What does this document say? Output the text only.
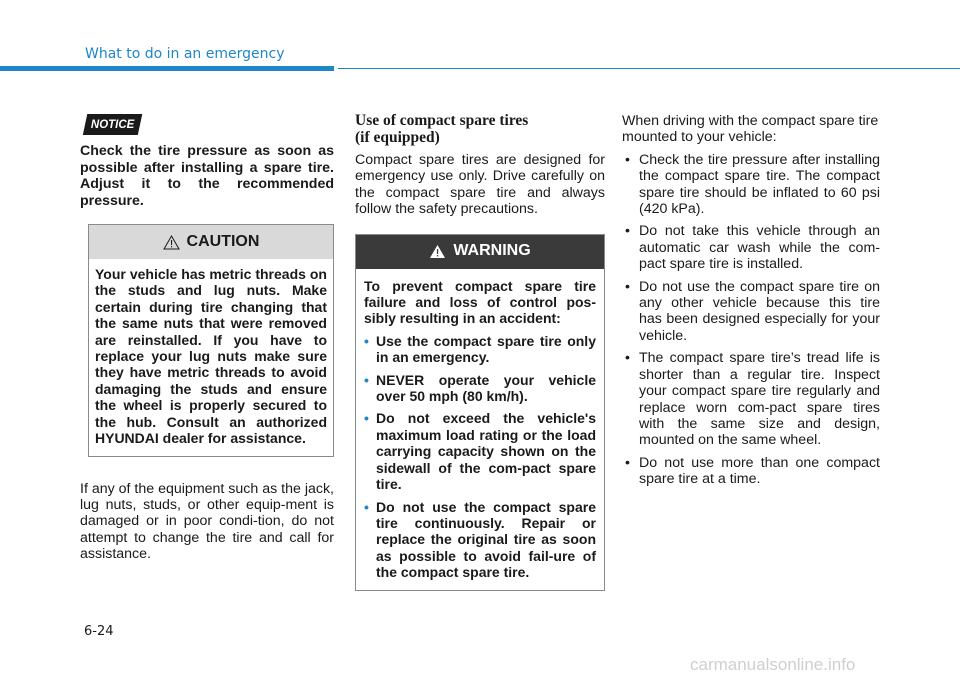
What to do in an emergency
NOTICE
Check the tire pressure as soon as possible after installing a spare tire. Adjust it to the recommended pressure.
CAUTION
Your vehicle has metric threads on the studs and lug nuts. Make certain during tire changing that the same nuts that were removed are reinstalled. If you have to replace your lug nuts make sure they have metric threads to avoid damaging the studs and ensure the wheel is properly secured to the hub. Consult an authorized HYUNDAI dealer for assistance.
If any of the equipment such as the jack, lug nuts, studs, or other equip-ment is damaged or in poor condi-tion, do not attempt to change the tire and call for assistance.
Use of compact spare tires
(if equipped)
Compact spare tires are designed for emergency use only. Drive carefully on the compact spare tire and always follow the safety precautions.
WARNING
To prevent compact spare tire failure and loss of control pos-sibly resulting in an accident:
• Use the compact spare tire only in an emergency.
• NEVER operate your vehicle over 50 mph (80 km/h).
• Do not exceed the vehicle's maximum load rating or the load carrying capacity shown on the sidewall of the com-pact spare tire.
• Do not use the compact spare tire continuously. Repair or replace the original tire as soon as possible to avoid fail-ure of the compact spare tire.
When driving with the compact spare tire mounted to your vehicle:
• Check the tire pressure after installing the compact spare tire. The compact spare tire should be inflated to 60 psi (420 kPa).
• Do not take this vehicle through an automatic car wash while the com-pact spare tire is installed.
• Do not use the compact spare tire on any other vehicle because this tire has been designed especially for your vehicle.
• The compact spare tire’s tread life is shorter than a regular tire. Inspect your compact spare tire regularly and replace worn com-pact spare tires with the same size and design, mounted on the same wheel.
• Do not use more than one compact spare tire at a time.
6-24
carmanualsonline.info
